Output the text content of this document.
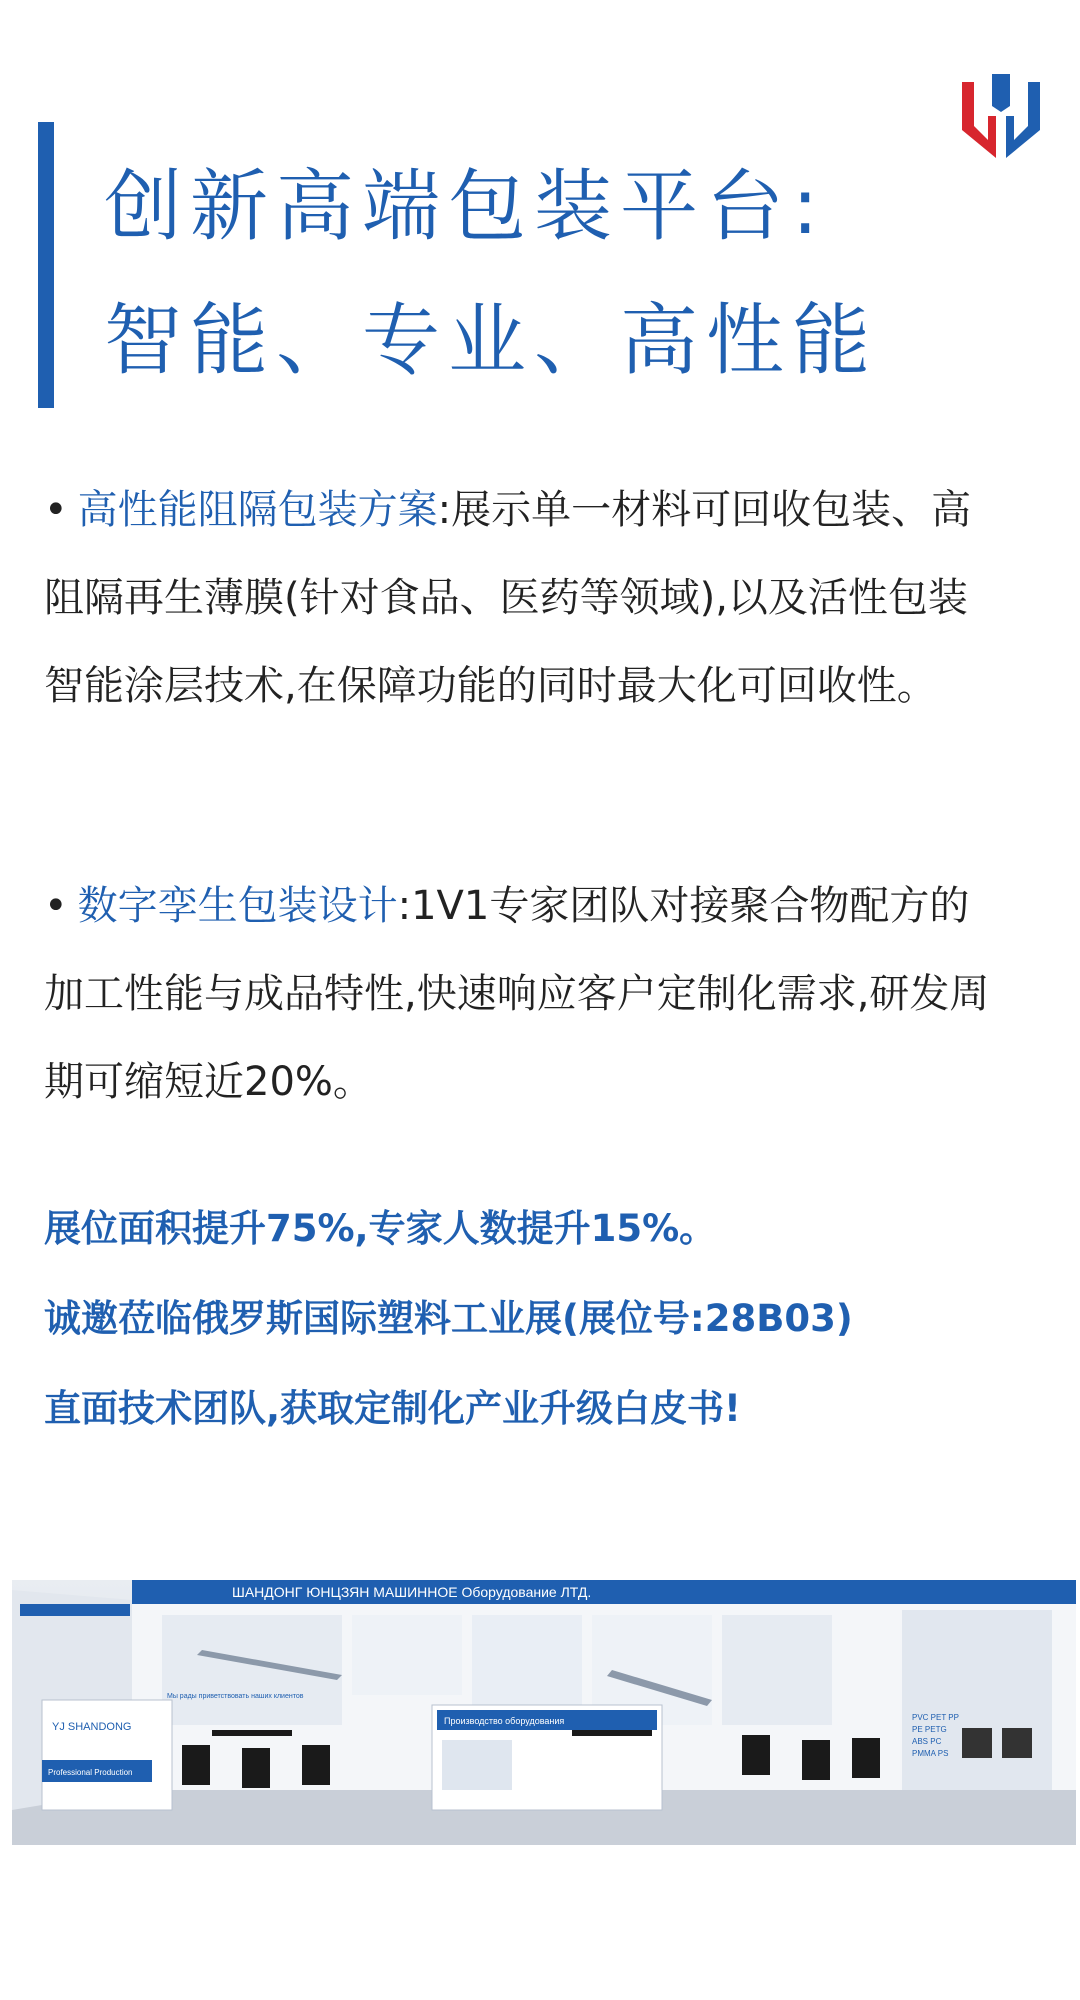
创新高端包装平台:
智能、专业、高性能
• 高性能阻隔包装方案:展示单一材料可回收包装、高阻隔再生薄膜(针对食品、医药等领域),以及活性包装智能涂层技术,在保障功能的同时最大化可回收性。
• 数字孪生包装设计:1V1专家团队对接聚合物配方的加工性能与成品特性,快速响应客户定制化需求,研发周期可缩短近20%。
展位面积提升75%,专家人数提升15%。
诚邀莅临俄罗斯国际塑料工业展(展位号:28B03)
直面技术团队,获取定制化产业升级白皮书!
ШАНДОНГ ЮНЦЗЯН МАШИННОЕ Оборудование ЛТД.
Мы рады приветствовать наших клиентов
PVC PET PP
PE PETG
ABS PC
PMMA PS
YJ SHANDONG
Professional Production
Производство оборудования
